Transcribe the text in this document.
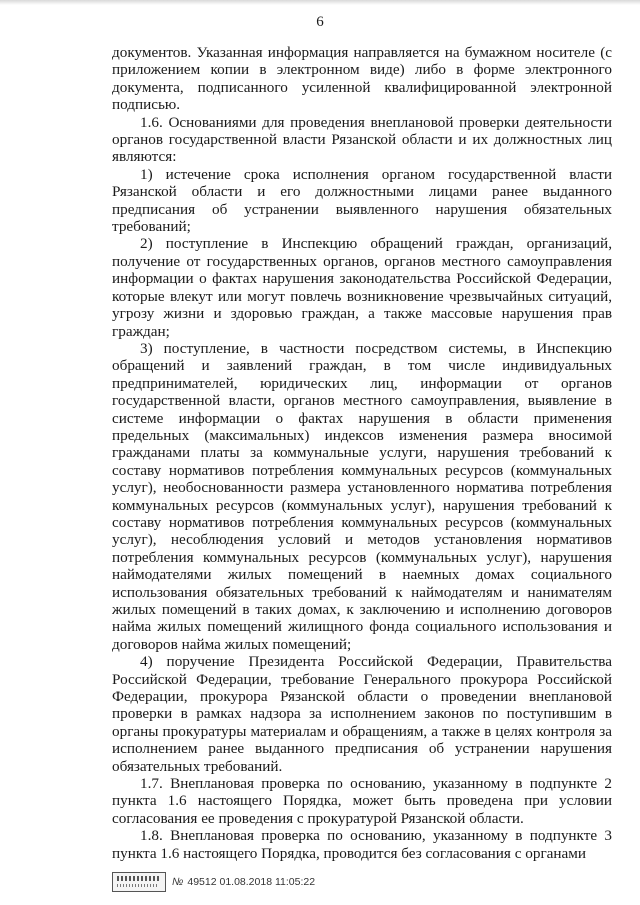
6

документов. Указанная информация направляется на бумажном носителе (с приложением копии в электронном виде) либо в форме электронного документа, подписанного усиленной квалифицированной электронной подписью.

1.6. Основаниями для проведения внеплановой проверки деятельности органов государственной власти Рязанской области и их должностных лиц являются:

1) истечение срока исполнения органом государственной власти Рязанской области и его должностными лицами ранее выданного предписания об устранении выявленного нарушения обязательных требований;

2) поступление в Инспекцию обращений граждан, организаций, получение от государственных органов, органов местного самоуправления информации о фактах нарушения законодательства Российской Федерации, которые влекут или могут повлечь возникновение чрезвычайных ситуаций, угрозу жизни и здоровью граждан, а также массовые нарушения прав граждан;

3) поступление, в частности посредством системы, в Инспекцию обращений и заявлений граждан, в том числе индивидуальных предпринимателей, юридических лиц, информации от органов государственной власти, органов местного самоуправления, выявление в системе информации о фактах нарушения в области применения предельных (максимальных) индексов изменения размера вносимой гражданами платы за коммунальные услуги, нарушения требований к составу нормативов потребления коммунальных ресурсов (коммунальных услуг), необоснованности размера установленного норматива потребления коммунальных ресурсов (коммунальных услуг), нарушения требований к составу нормативов потребления коммунальных ресурсов (коммунальных услуг), несоблюдения условий и методов установления нормативов потребления коммунальных ресурсов (коммунальных услуг), нарушения наймодателями жилых помещений в наемных домах социального использования обязательных требований к наймодателям и нанимателям жилых помещений в таких домах, к заключению и исполнению договоров найма жилых помещений жилищного фонда социального использования и договоров найма жилых помещений;

4) поручение Президента Российской Федерации, Правительства Российской Федерации, требование Генерального прокурора Российской Федерации, прокурора Рязанской области о проведении внеплановой проверки в рамках надзора за исполнением законов по поступившим в органы прокуратуры материалам и обращениям, а также в целях контроля за исполнением ранее выданного предписания об устранении нарушения обязательных требований.

1.7. Внеплановая проверка по основанию, указанному в подпункте 2 пункта 1.6 настоящего Порядка, может быть проведена при условии согласования ее проведения с прокуратурой Рязанской области.

1.8. Внеплановая проверка по основанию, указанному в подпункте 3 пункта 1.6 настоящего Порядка, проводится без согласования с органами

№ 49512 01.08.2018 11:05:22
